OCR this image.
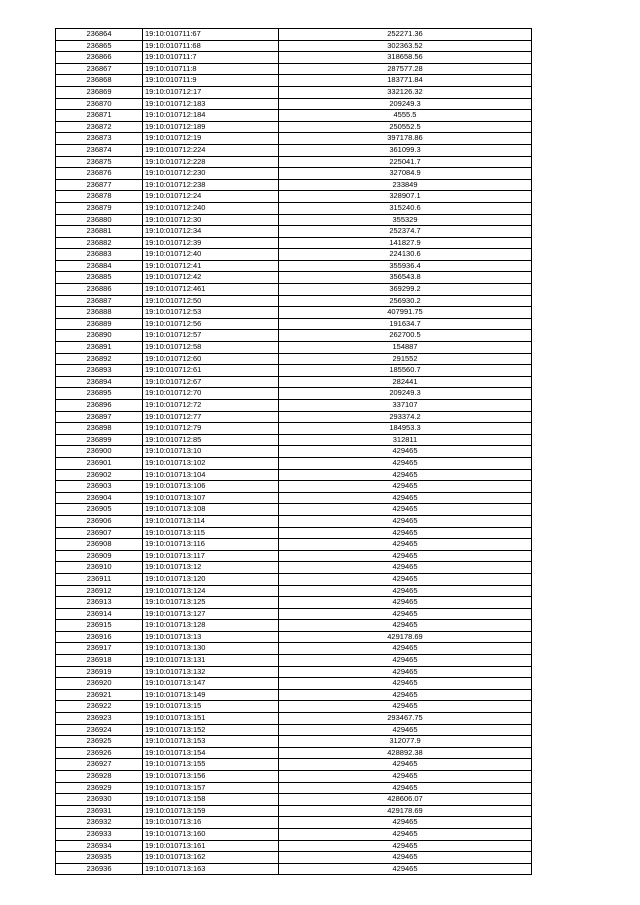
236864	19:10:010711:67	252271.36
236865	19:10:010711:68	302363.52
236866	19:10:010711:7	318658.56
236867	19:10:010711:8	287577.28
236868	19:10:010711:9	183771.84
236869	19:10:010712:17	332126.32
236870	19:10:010712:183	209249.3
236871	19:10:010712:184	4555.5
236872	19:10:010712:189	250552.5
236873	19:10:010712:19	397178.86
236874	19:10:010712:224	361099.3
236875	19:10:010712:228	225041.7
236876	19:10:010712:230	327084.9
236877	19:10:010712:238	233849
236878	19:10:010712:24	328907.1
236879	19:10:010712:240	315240.6
236880	19:10:010712:30	355329
236881	19:10:010712:34	252374.7
236882	19:10:010712:39	141827.9
236883	19:10:010712:40	224130.6
236884	19:10:010712:41	355936.4
236885	19:10:010712:42	356543.8
236886	19:10:010712:461	369299.2
236887	19:10:010712:50	256930.2
236888	19:10:010712:53	407991.75
236889	19:10:010712:56	191634.7
236890	19:10:010712:57	262700.5
236891	19:10:010712:58	154887
236892	19:10:010712:60	291552
236893	19:10:010712:61	185560.7
236894	19:10:010712:67	282441
236895	19:10:010712:70	209249.3
236896	19:10:010712:72	337107
236897	19:10:010712:77	293374.2
236898	19:10:010712:79	184953.3
236899	19:10:010712:85	312811
236900	19:10:010713:10	429465
236901	19:10:010713:102	429465
236902	19:10:010713:104	429465
236903	19:10:010713:106	429465
236904	19:10:010713:107	429465
236905	19:10:010713:108	429465
236906	19:10:010713:114	429465
236907	19:10:010713:115	429465
236908	19:10:010713:116	429465
236909	19:10:010713:117	429465
236910	19:10:010713:12	429465
236911	19:10:010713:120	429465
236912	19:10:010713:124	429465
236913	19:10:010713:125	429465
236914	19:10:010713:127	429465
236915	19:10:010713:128	429465
236916	19:10:010713:13	429178.69
236917	19:10:010713:130	429465
236918	19:10:010713:131	429465
236919	19:10:010713:132	429465
236920	19:10:010713:147	429465
236921	19:10:010713:149	429465
236922	19:10:010713:15	429465
236923	19:10:010713:151	293467.75
236924	19:10:010713:152	429465
236925	19:10:010713:153	312077.9
236926	19:10:010713:154	428892.38
236927	19:10:010713:155	429465
236928	19:10:010713:156	429465
236929	19:10:010713:157	429465
236930	19:10:010713:158	428606.07
236931	19:10:010713:159	429178.69
236932	19:10:010713:16	429465
236933	19:10:010713:160	429465
236934	19:10:010713:161	429465
236935	19:10:010713:162	429465
236936	19:10:010713:163	429465
